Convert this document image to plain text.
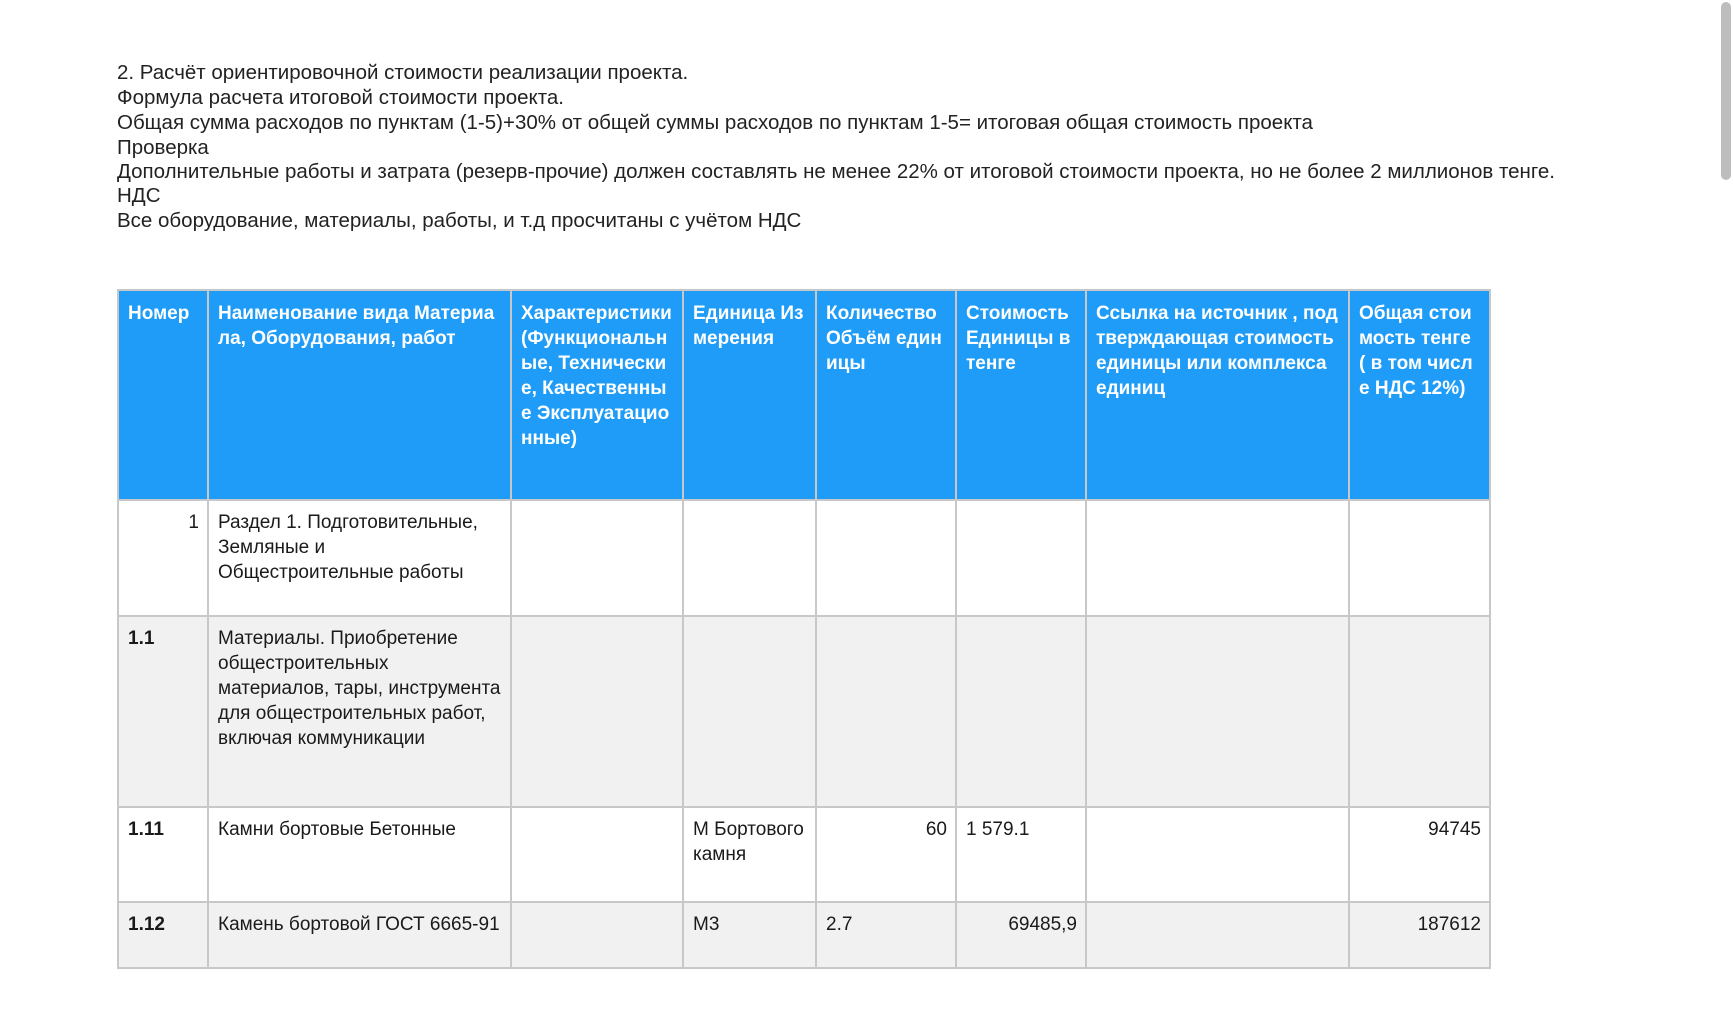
2. Расчёт ориентировочной стоимости реализации проекта.

Формула расчета итоговой стоимости проекта.

Общая сумма расходов по пунктам (1-5)+30% от общей суммы расходов по пунктам 1-5= итоговая общая стоимость проекта

Проверка

Дополнительные работы и затрата (резерв-прочие) должен составлять не менее 22% от итоговой стоимости проекта, но не более 2 миллионов тенге.

НДС

Все оборудование, материалы, работы, и т.д просчитаны с учётом НДС

Номер	Наименование вида Материала, Оборудования, работ	Характеристики (Функциональные, Технические, Качественные Эксплуатационные)	Единица Измерения	Количество Объём единицы	Стоимость Единицы в тенге	Ссылка на источник , подтверждающая стоимость единицы или комплекса единиц	Общая стоимость тенге ( в том числе НДС 12%)
1	Раздел 1. Подготовительные, Земляные и Общестроительные работы						
1.1	Материалы. Приобретение общестроительных материалов, тары, инструмента для общестроительных работ, включая коммуникации						
1.11	Камни бортовые Бетонные		М Бортового камня	60	1 579.1		94745
1.12	Камень бортовой ГОСТ 6665-91		М3	2.7	69485,9		187612
